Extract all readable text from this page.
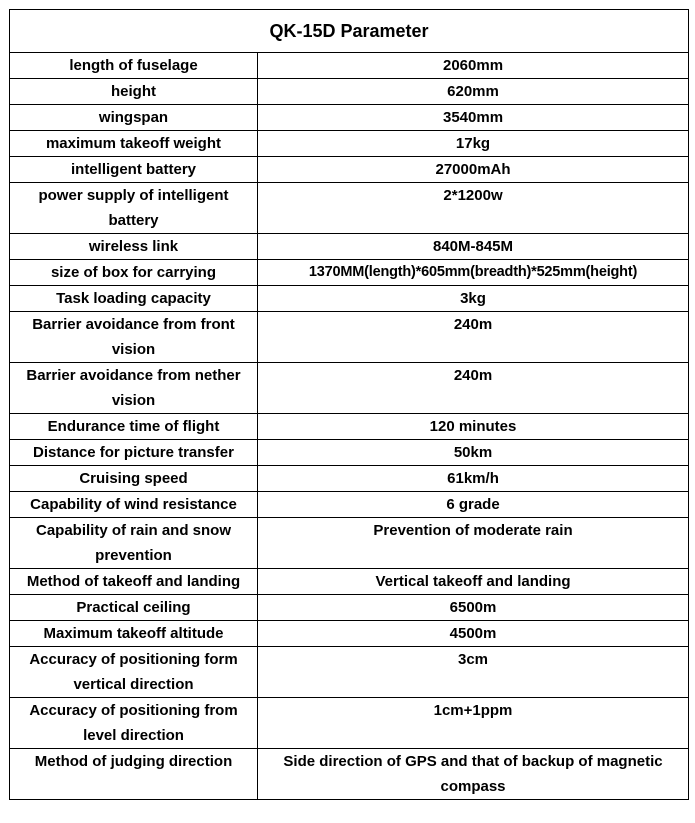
QK-15D Parameter	
length of fuselage	2060mm
height	620mm
wingspan	3540mm
maximum takeoff weight	17kg
intelligent battery	27000mAh
power supply of intelligent battery	2*1200w
wireless link	840M-845M
size of box for carrying	1370MM(length)*605mm(breadth)*525mm(height)
Task loading capacity	3kg
Barrier avoidance from front vision	240m
Barrier avoidance from nether vision	240m
Endurance time of flight	120 minutes
Distance for picture transfer	50km
Cruising speed	61km/h
Capability of wind resistance	6 grade
Capability of rain and snow prevention	Prevention of moderate rain
Method of takeoff and landing	Vertical takeoff and landing
Practical ceiling	6500m
Maximum takeoff altitude	4500m
Accuracy of positioning form vertical direction	3cm
Accuracy of positioning from level direction	1cm+1ppm
Method of judging direction	Side direction of GPS and that of backup of magnetic compass
